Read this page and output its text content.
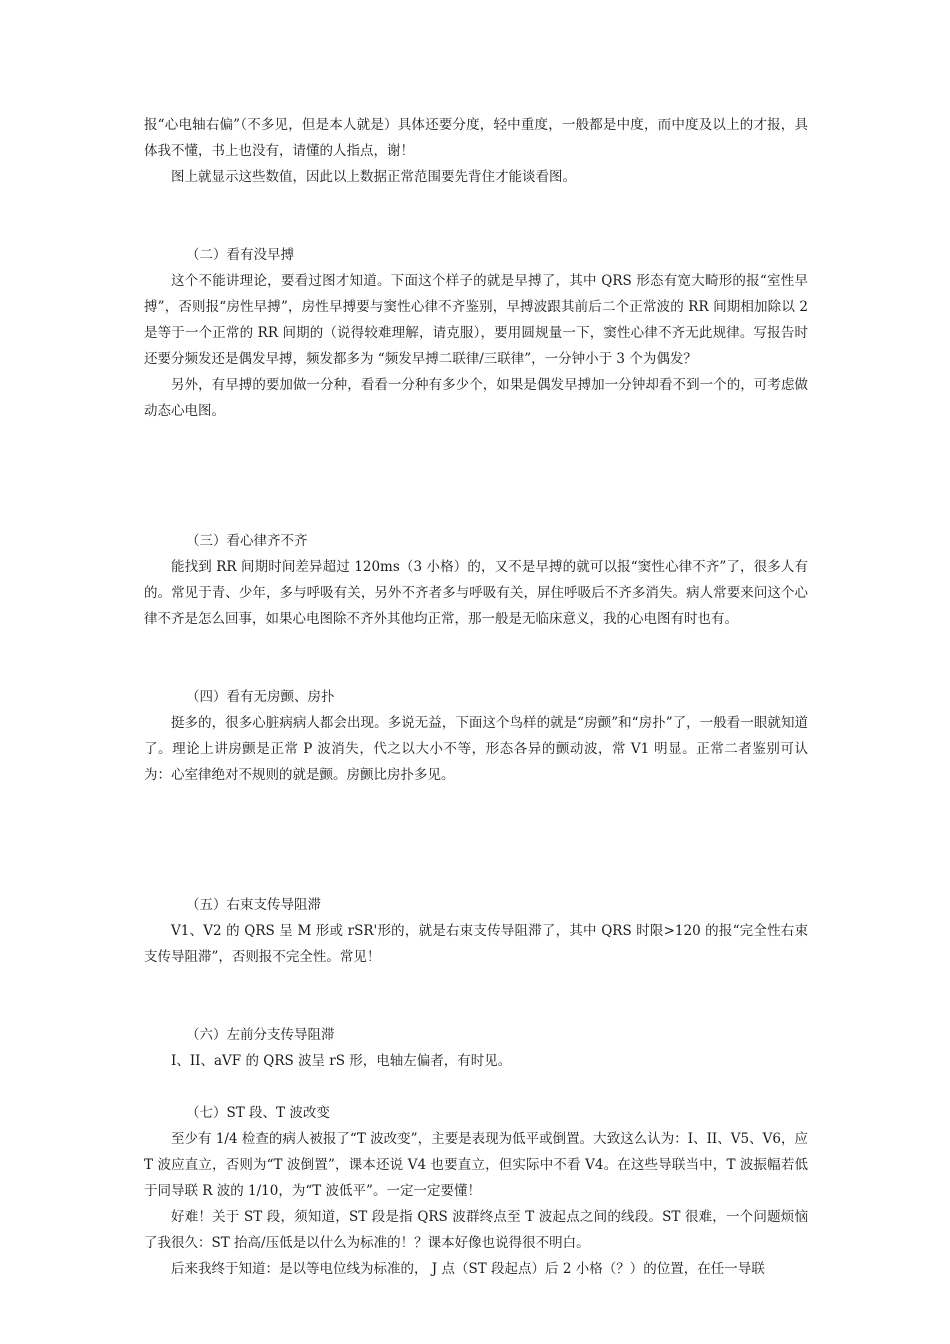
报“心电轴右偏”（不多见，但是本人就是）具体还要分度，轻中重度，一般都是中度，而中度及以上的才报，具体我不懂，书上也没有，请懂的人指点，谢！

图上就显示这些数值，因此以上数据正常范围要先背住才能谈看图。

（二）看有没早搏

这个不能讲理论，要看过图才知道。下面这个样子的就是早搏了，其中 QRS 形态有宽大畸形的报“室性早搏”，否则报“房性早搏”，房性早搏要与窦性心律不齐鉴别，早搏波跟其前后二个正常波的 RR 间期相加除以 2 是等于一个正常的 RR 间期的（说得较难理解，请克服），要用圆规量一下，窦性心律不齐无此规律。写报告时还要分频发还是偶发早搏，频发都多为 “频发早搏二联律/三联律”，一分钟小于 3 个为偶发？

另外，有早搏的要加做一分种，看看一分种有多少个，如果是偶发早搏加一分钟却看不到一个的，可考虑做动态心电图。

（三）看心律齐不齐

能找到 RR 间期时间差异超过 120ms（3 小格）的，又不是早搏的就可以报“窦性心律不齐”了，很多人有的。常见于青、少年，多与呼吸有关，另外不齐者多与呼吸有关，屏住呼吸后不齐多消失。病人常要来问这个心律不齐是怎么回事，如果心电图除不齐外其他均正常，那一般是无临床意义，我的心电图有时也有。

（四）看有无房颤、房扑

挺多的，很多心脏病病人都会出现。多说无益，下面这个鸟样的就是“房颤”和“房扑”了，一般看一眼就知道了。理论上讲房颤是正常 P 波消失，代之以大小不等，形态各异的颤动波，常 V1 明显。正常二者鉴别可认为：心室律绝对不规则的就是颤。房颤比房扑多见。

（五）右束支传导阻滞

V1、V2 的 QRS 呈 M 形或 rSR'形的，就是右束支传导阻滞了，其中 QRS 时限>120 的报“完全性右束支传导阻滞”，否则报不完全性。常见！

（六）左前分支传导阻滞

I、II、aVF 的 QRS 波呈 rS 形，电轴左偏者，有时见。

（七）ST 段、T 波改变

至少有 1/4 检查的病人被报了“T 波改变”，主要是表现为低平或倒置。大致这么认为：I、II、V5、V6，应 T 波应直立，否则为“T 波倒置”，课本还说 V4 也要直立，但实际中不看 V4。在这些导联当中，T 波振幅若低于同导联 R 波的 1/10，为“T 波低平”。一定一定要懂！

好难！关于 ST 段，须知道，ST 段是指 QRS 波群终点至 T 波起点之间的线段。ST 很难，一个问题烦恼了我很久：ST 抬高/压低是以什么为标准的！？课本好像也说得很不明白。

后来我终于知道：是以等电位线为标准的， J 点（ST 段起点）后 2 小格（？）的位置，在任一导联
